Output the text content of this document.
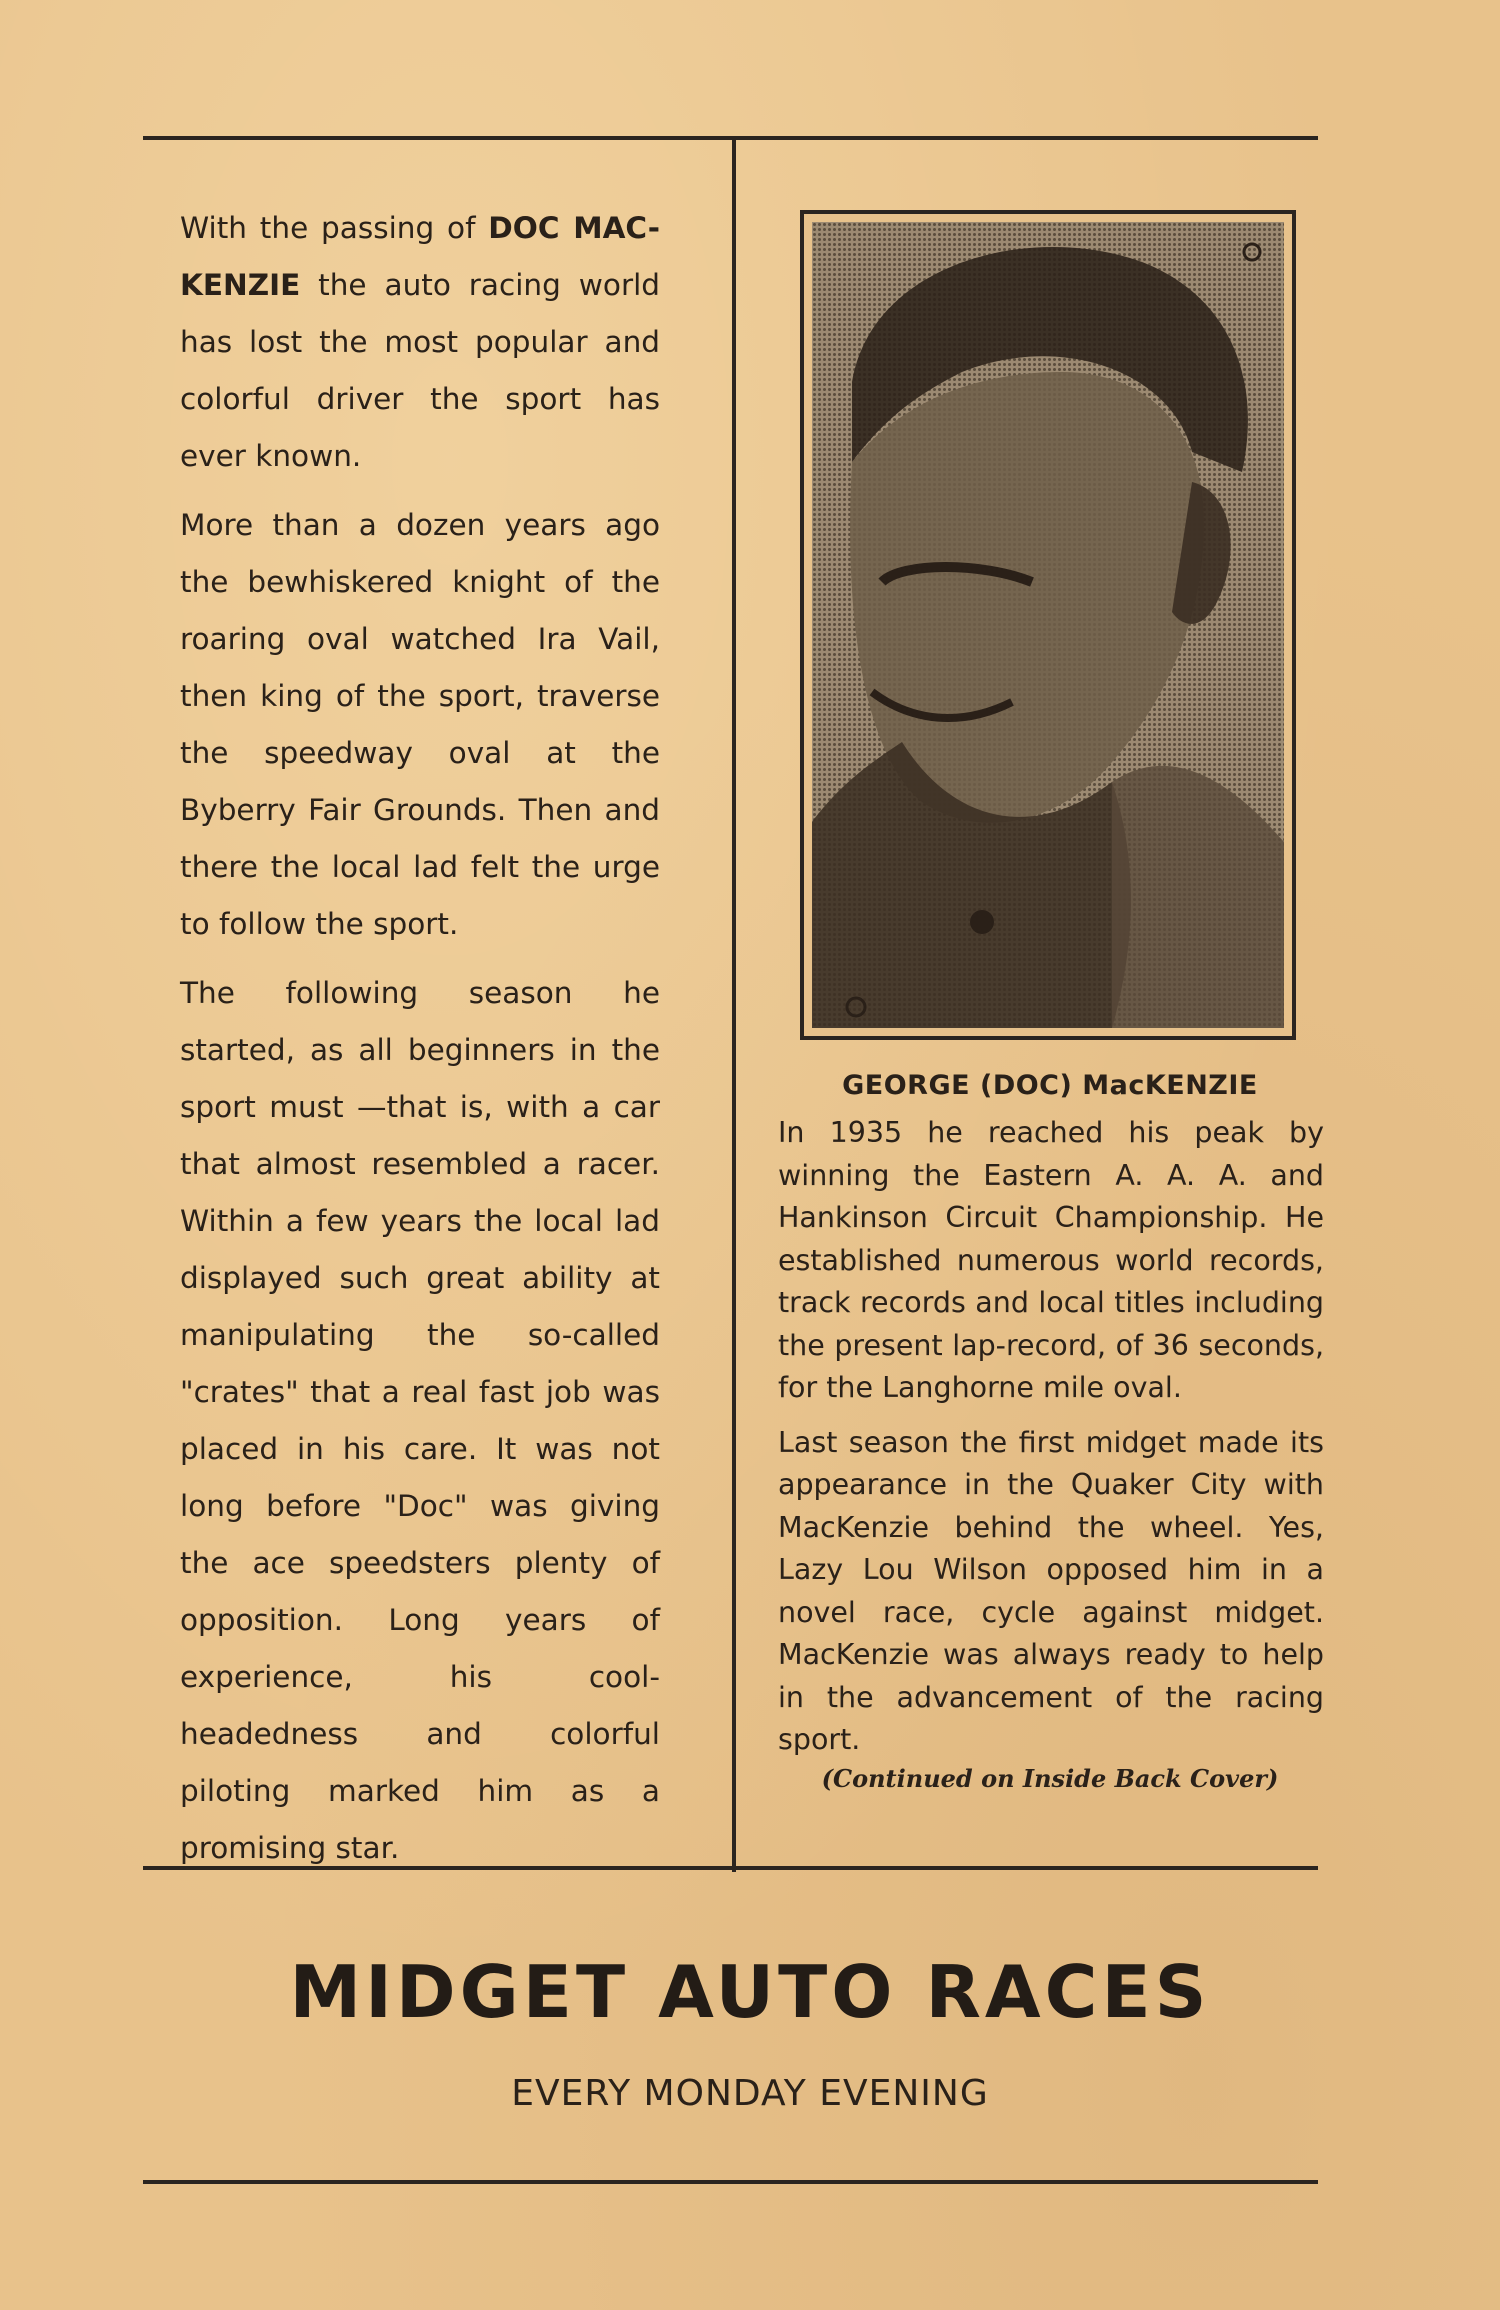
With the passing of DOC MAC-KENZIE the auto racing world has lost the most popular and colorful driver the sport has ever known.

More than a dozen years ago the bewhiskered knight of the roaring oval watched Ira Vail, then king of the sport, traverse the speedway oval at the Byberry Fair Grounds. Then and there the local lad felt the urge to follow the sport.

The following season he started, as all beginners in the sport must —that is, with a car that almost resembled a racer. Within a few years the local lad displayed such great ability at manipulating the so-called "crates" that a real fast job was placed in his care. It was not long before "Doc" was giving the ace speedsters plenty of opposition. Long years of experience, his cool-headedness and colorful piloting marked him as a promising star.

GEORGE (DOC) MacKENZIE

In 1935 he reached his peak by winning the Eastern A. A. A. and Hankinson Circuit Championship. He established numerous world records, track records and local titles including the present lap-record, of 36 seconds, for the Langhorne mile oval.

Last season the first midget made its appearance in the Quaker City with MacKenzie behind the wheel. Yes, Lazy Lou Wilson opposed him in a novel race, cycle against midget. MacKenzie was always ready to help in the advancement of the racing sport.

(Continued on Inside Back Cover)
MIDGET AUTO RACES
EVERY MONDAY EVENING
